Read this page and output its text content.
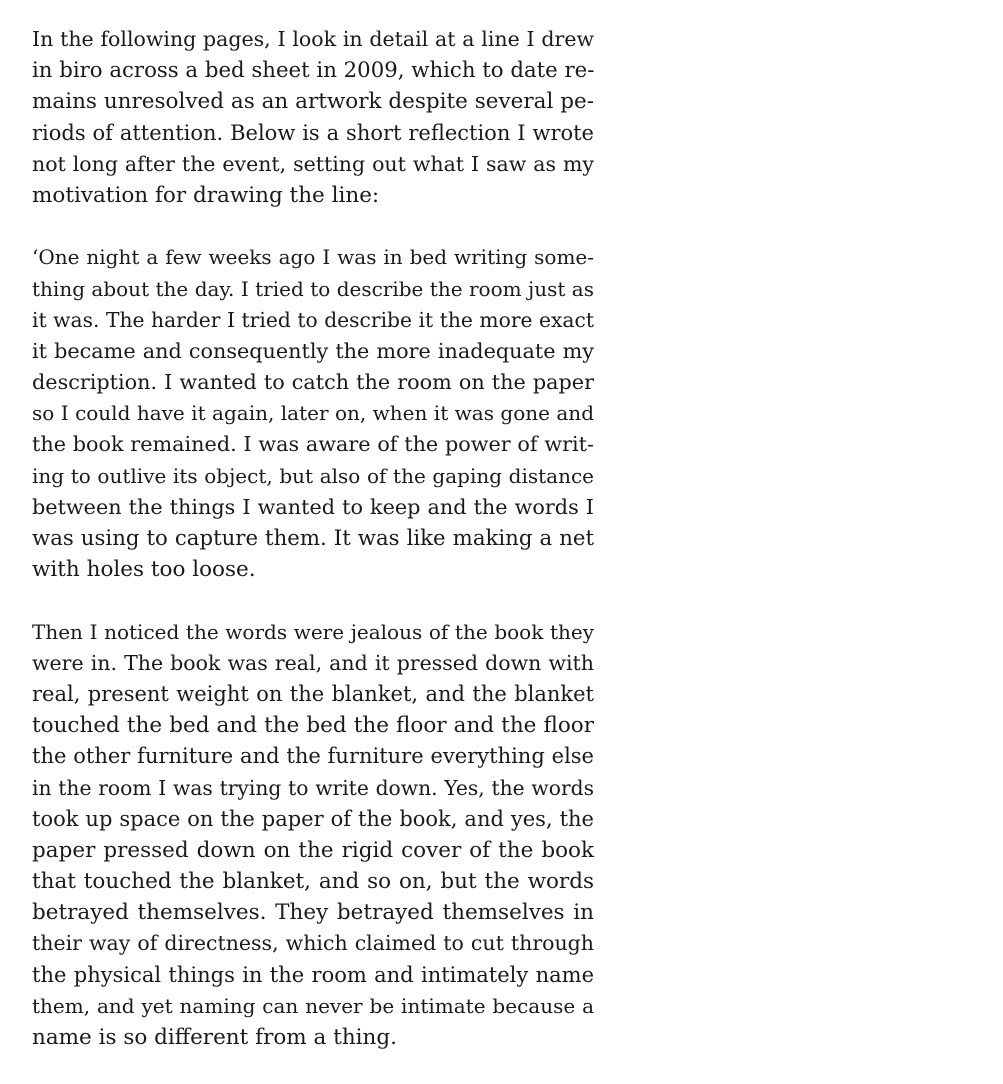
In the following pages, I look in detail at a line I drew
in biro across a bed sheet in 2009, which to date re-
mains unresolved as an artwork despite several pe-
riods of attention. Below is a short reflection I wrote
not long after the event, setting out what I saw as my
motivation for drawing the line:

‘One night a few weeks ago I was in bed writing some-
thing about the day. I tried to describe the room just as
it was. The harder I tried to describe it the more exact
it became and consequently the more inadequate my
description. I wanted to catch the room on the paper
so I could have it again, later on, when it was gone and
the book remained. I was aware of the power of writ-
ing to outlive its object, but also of the gaping distance
between the things I wanted to keep and the words I
was using to capture them. It was like making a net
with holes too loose.

Then I noticed the words were jealous of the book they
were in. The book was real, and it pressed down with
real, present weight on the blanket, and the blanket
touched the bed and the bed the floor and the floor
the other furniture and the furniture everything else
in the room I was trying to write down. Yes, the words
took up space on the paper of the book, and yes, the
paper pressed down on the rigid cover of the book
that touched the blanket, and so on, but the words
betrayed themselves. They betrayed themselves in
their way of directness, which claimed to cut through
the physical things in the room and intimately name
them, and yet naming can never be intimate because a
name is so different from a thing.
